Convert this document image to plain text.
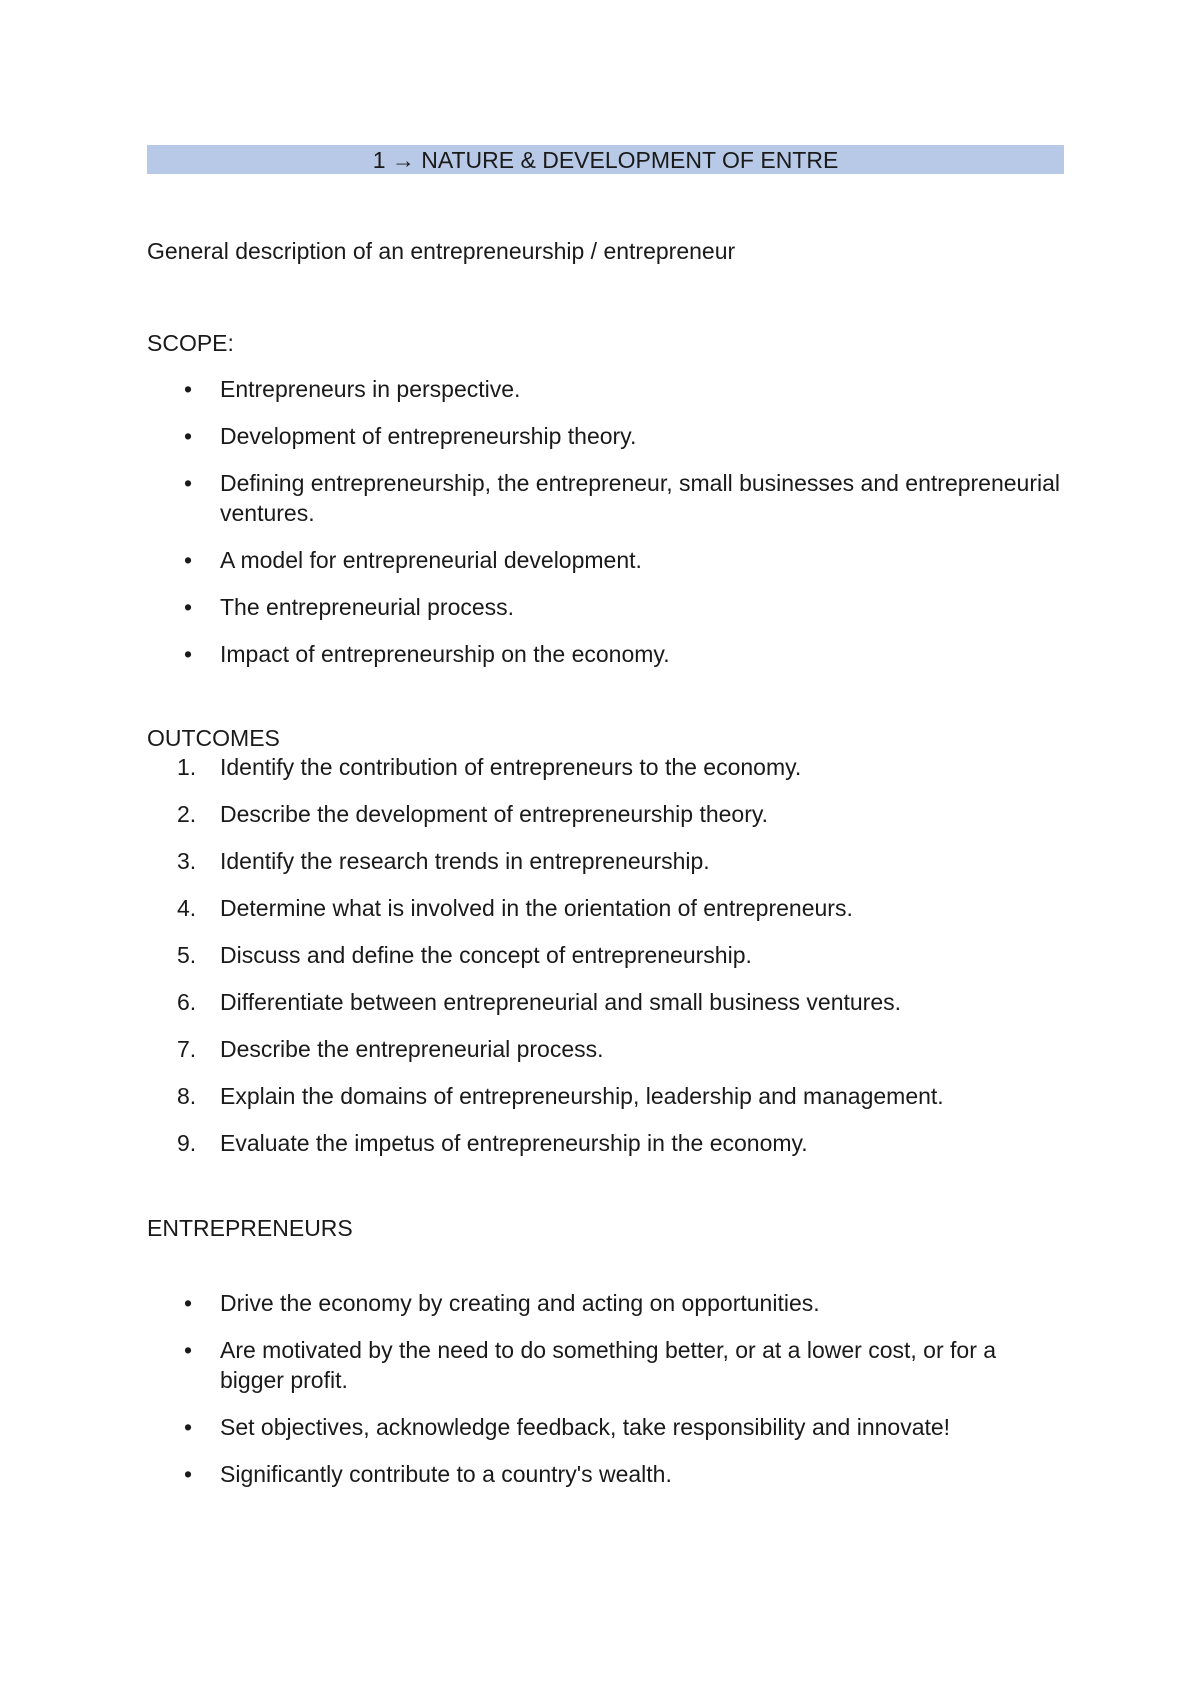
1 → NATURE & DEVELOPMENT OF ENTRE
General description of an entrepreneurship / entrepreneur
SCOPE:
•	Entrepreneurs in perspective.
•	Development of entrepreneurship theory.
•	Defining entrepreneurship, the entrepreneur, small businesses and entrepreneurial ventures.
•	A model for entrepreneurial development.
•	The entrepreneurial process.
•	Impact of entrepreneurship on the economy.
OUTCOMES
1.	Identify the contribution of entrepreneurs to the economy.
2.	Describe the development of entrepreneurship theory.
3.	Identify the research trends in entrepreneurship.
4.	Determine what is involved in the orientation of entrepreneurs.
5.	Discuss and define the concept of entrepreneurship.
6.	Differentiate between entrepreneurial and small business ventures.
7.	Describe the entrepreneurial process.
8.	Explain the domains of entrepreneurship, leadership and management.
9.	Evaluate the impetus of entrepreneurship in the economy.
ENTREPRENEURS
•	Drive the economy by creating and acting on opportunities.
•	Are motivated by the need to do something better, or at a lower cost, or for a bigger profit.
•	Set objectives, acknowledge feedback, take responsibility and innovate!
•	Significantly contribute to a country's wealth.
